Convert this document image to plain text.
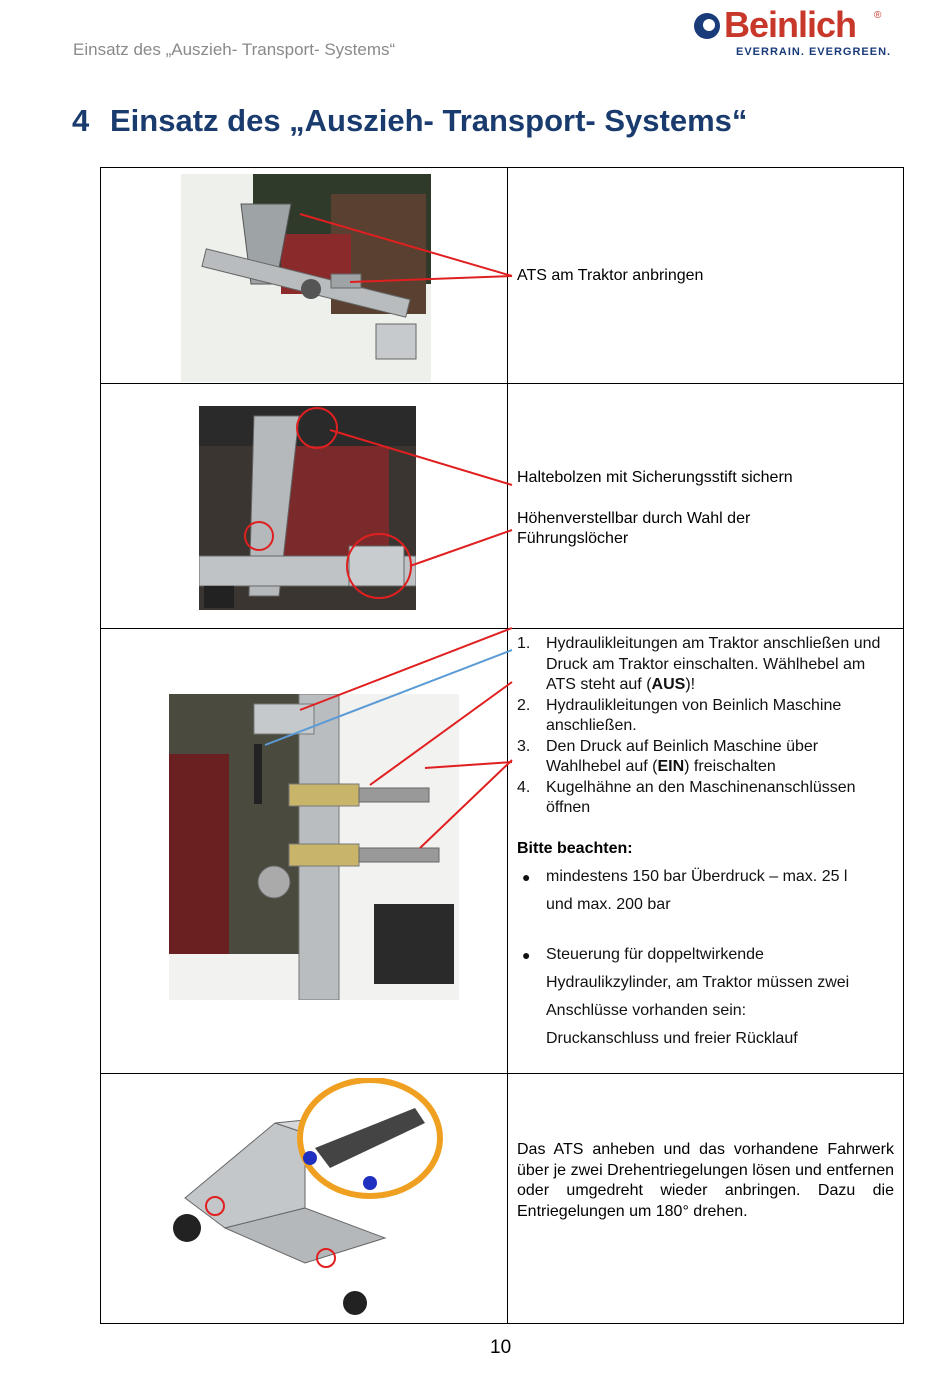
Einsatz des „Auszieh- Transport- Systems“
Beinlich ®
EVERRAIN. EVERGREEN.
4 Einsatz des „Auszieh- Transport- Systems“
ATS am Traktor anbringen
Haltebolzen mit Sicherungsstift sichern
Höhenverstellbar durch Wahl der
Führungslöcher
1. Hydraulikleitungen am Traktor anschließen und Druck am Traktor einschalten. Wählhebel am ATS steht auf (AUS)!
2. Hydraulikleitungen von Beinlich Maschine anschließen.
3. Den Druck auf Beinlich Maschine über Wahlhebel auf (EIN) freischalten
4. Kugelhähne an den Maschinenanschlüssen öffnen
Bitte beachten:
● mindestens 150 bar Überdruck – max. 25 l
und max. 200 bar
● Steuerung für doppeltwirkende
Hydraulikzylinder, am Traktor müssen zwei
Anschlüsse vorhanden sein:
Druckanschluss und freier Rücklauf
Das ATS anheben und das vorhandene Fahrwerk über je zwei Drehentriegelungen lösen und entfernen oder umgedreht wieder anbringen. Dazu die Entriegelungen um 180° drehen.
10
